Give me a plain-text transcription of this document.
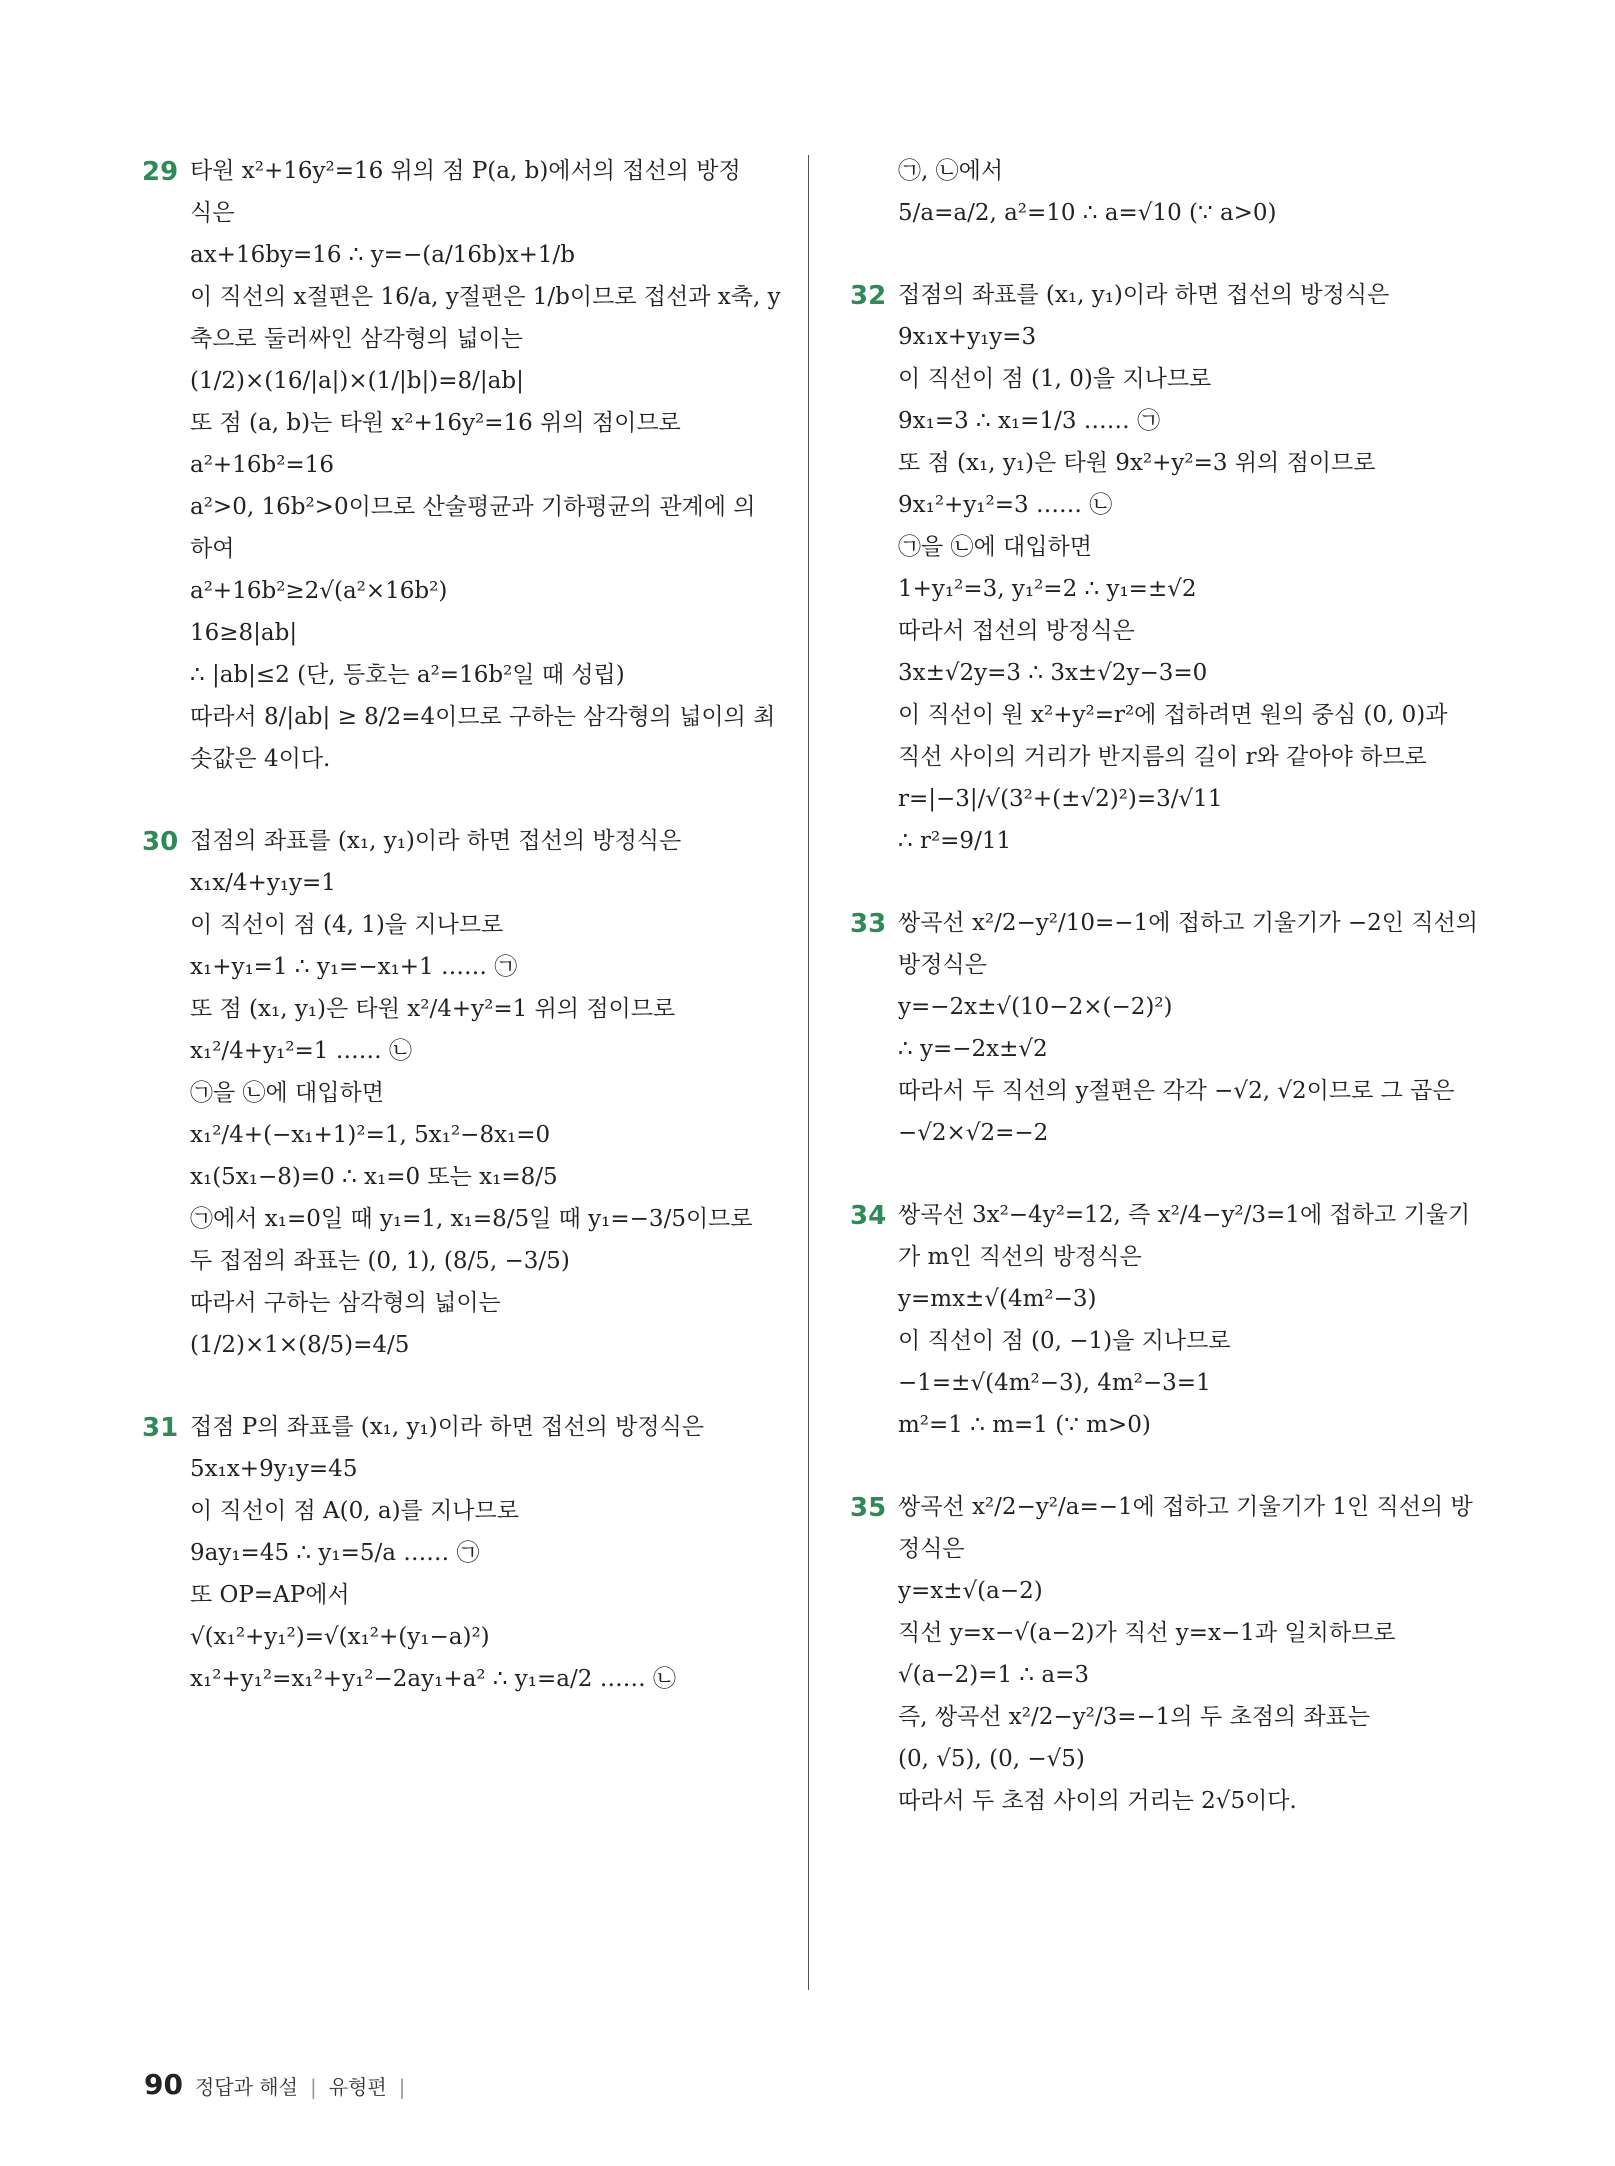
29 타원 x²+16y²=16 위의 점 P(a, b)에서의 접선의 방정
식은
ax+16by=16 ∴ y=−(a/16b)x+1/b
이 직선의 x절편은 16/a, y절편은 1/b이므로 접선과 x축, y
축으로 둘러싸인 삼각형의 넓이는
(1/2)×(16/|a|)×(1/|b|)=8/|ab|
또 점 (a, b)는 타원 x²+16y²=16 위의 점이므로
a²+16b²=16
a²>0, 16b²>0이므로 산술평균과 기하평균의 관계에 의
하여
a²+16b²≥2√(a²×16b²)
16≥8|ab|
∴ |ab|≤2 (단, 등호는 a²=16b²일 때 성립)
따라서 8/|ab| ≥ 8/2=4이므로 구하는 삼각형의 넓이의 최
솟값은 4이다.
30 접점의 좌표를 (x₁, y₁)이라 하면 접선의 방정식은
x₁x/4+y₁y=1
이 직선이 점 (4, 1)을 지나므로
x₁+y₁=1 ∴ y₁=−x₁+1 …… ㉠
또 점 (x₁, y₁)은 타원 x²/4+y²=1 위의 점이므로
x₁²/4+y₁²=1 …… ㉡
㉠을 ㉡에 대입하면
x₁²/4+(−x₁+1)²=1, 5x₁²−8x₁=0
x₁(5x₁−8)=0 ∴ x₁=0 또는 x₁=8/5
㉠에서 x₁=0일 때 y₁=1, x₁=8/5일 때 y₁=−3/5이므로
두 접점의 좌표는 (0, 1), (8/5, −3/5)
따라서 구하는 삼각형의 넓이는
(1/2)×1×(8/5)=4/5
31 접점 P의 좌표를 (x₁, y₁)이라 하면 접선의 방정식은
5x₁x+9y₁y=45
이 직선이 점 A(0, a)를 지나므로
9ay₁=45 ∴ y₁=5/a …… ㉠
또 OP=AP에서
√(x₁²+y₁²)=√(x₁²+(y₁−a)²)
x₁²+y₁²=x₁²+y₁²−2ay₁+a² ∴ y₁=a/2 …… ㉡
㉠, ㉡에서
5/a=a/2, a²=10 ∴ a=√10 (∵ a>0)
32 접점의 좌표를 (x₁, y₁)이라 하면 접선의 방정식은
9x₁x+y₁y=3
이 직선이 점 (1, 0)을 지나므로
9x₁=3 ∴ x₁=1/3 …… ㉠
또 점 (x₁, y₁)은 타원 9x²+y²=3 위의 점이므로
9x₁²+y₁²=3 …… ㉡
㉠을 ㉡에 대입하면
1+y₁²=3, y₁²=2 ∴ y₁=±√2
따라서 접선의 방정식은
3x±√2y=3 ∴ 3x±√2y−3=0
이 직선이 원 x²+y²=r²에 접하려면 원의 중심 (0, 0)과
직선 사이의 거리가 반지름의 길이 r와 같아야 하므로
r=|−3|/√(3²+(±√2)²)=3/√11
∴ r²=9/11
33 쌍곡선 x²/2−y²/10=−1에 접하고 기울기가 −2인 직선의
방정식은
y=−2x±√(10−2×(−2)²)
∴ y=−2x±√2
따라서 두 직선의 y절편은 각각 −√2, √2이므로 그 곱은
−√2×√2=−2
34 쌍곡선 3x²−4y²=12, 즉 x²/4−y²/3=1에 접하고 기울기
가 m인 직선의 방정식은
y=mx±√(4m²−3)
이 직선이 점 (0, −1)을 지나므로
−1=±√(4m²−3), 4m²−3=1
m²=1 ∴ m=1 (∵ m>0)
35 쌍곡선 x²/2−y²/a=−1에 접하고 기울기가 1인 직선의 방
정식은
y=x±√(a−2)
직선 y=x−√(a−2)가 직선 y=x−1과 일치하므로
√(a−2)=1 ∴ a=3
즉, 쌍곡선 x²/2−y²/3=−1의 두 초점의 좌표는
(0, √5), (0, −√5)
따라서 두 초점 사이의 거리는 2√5이다.
90 정답과 해설 | 유형편 |
